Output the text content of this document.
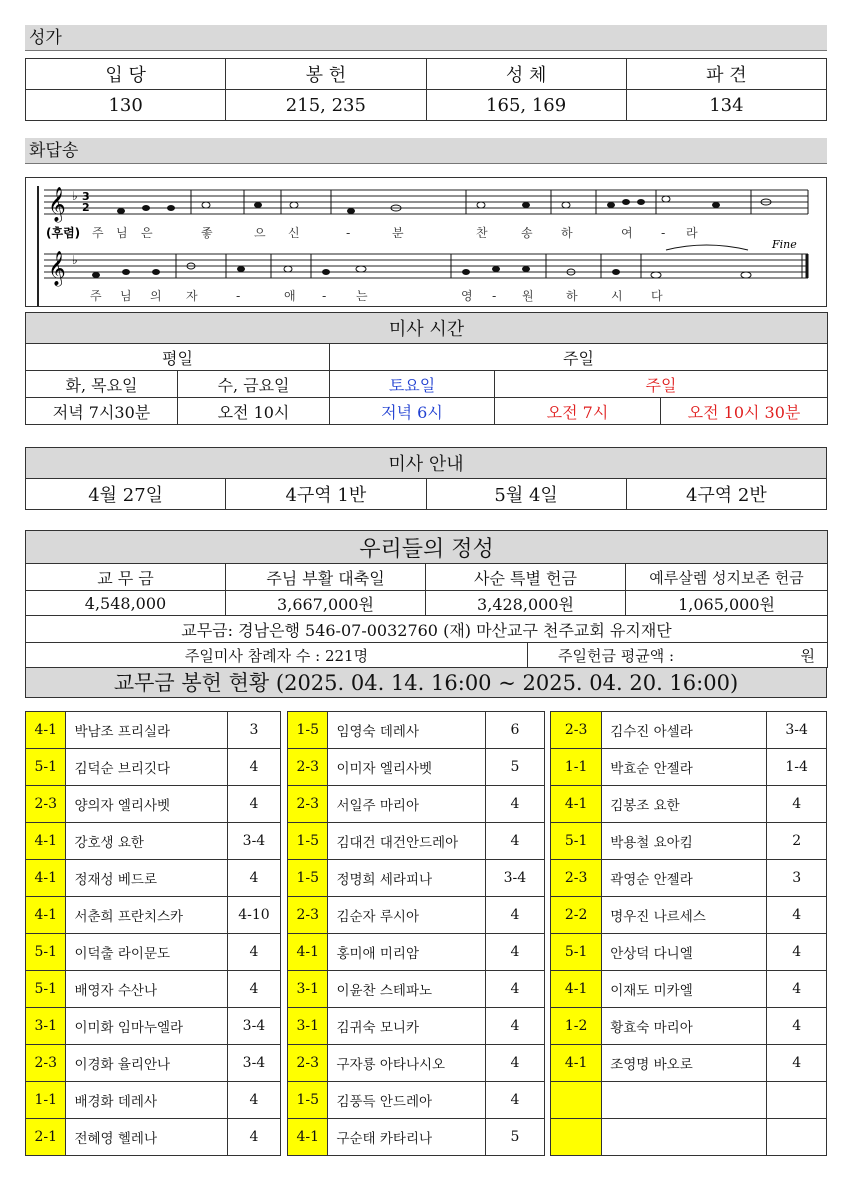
성가
입 당	봉 헌	성 체	파 견
130	215, 235	165, 169	134
화답송
𝄞
𝄞
♭
♭
3
2
Fine
(후렴) 주 님 은	좋	으 신	-	분	찬	송 하	여 - 라
주 님 의 자	-	애 - 는	영 - 원	하	시 다
미사 시간				
평일		주일		
화, 목요일	수, 금요일	토요일	주일	
저녁 7시30분	오전 10시	저녁 6시	오전 7시	오전 10시 30분
미사 안내
4월 27일	4구역 1반	5월 4일	4구역 2반
우리들의 정성			
교 무 금	주님 부활 대축일	사순 특별 헌금	예루살렘 성지보존 헌금
4,548,000	3,667,000원	3,428,000원	1,065,000원
교무금: 경남은행 546-07-0032760 (재) 마산교구 천주교회 유지재단			
주일미사 참례자 수 : 221명	주일헌금 평균액 :	원
교무금 봉헌 현황 (2025. 04. 14. 16:00 ~ 2025. 04. 20. 16:00)
4-1	박남조 프리실라	3		1-5	임영숙 데레사	6		2-3	김수진 아셀라	3-4
5-1	김덕순 브리깃다	4		2-3	이미자 엘리사벳	5		1-1	박효순 안젤라	1-4
2-3	양의자 엘리사벳	4		2-3	서일주 마리아	4		4-1	김봉조 요한	4
4-1	강호생 요한	3-4		1-5	김대건 대건안드레아	4		5-1	박용철 요아킴	2
4-1	정재성 베드로	4		1-5	정명희 세라피나	3-4		2-3	곽영순 안젤라	3
4-1	서춘희 프란치스카	4-10		2-3	김순자 루시아	4		2-2	명우진 나르세스	4
5-1	이덕출 라이문도	4		4-1	홍미애 미리암	4		5-1	안상덕 다니엘	4
5-1	배영자 수산나	4		3-1	이윤찬 스테파노	4		4-1	이재도 미카엘	4
3-1	이미화 임마누엘라	3-4		3-1	김귀숙 모니카	4		1-2	황효숙 마리아	4
2-3	이경화 율리안나	3-4		2-3	구자룡 아타나시오	4		4-1	조영명 바오로	4
1-1	배경화 데레사	4		1-5	김풍득 안드레아	4				
2-1	전혜영 헬레나	4		4-1	구순태 카타리나	5				
